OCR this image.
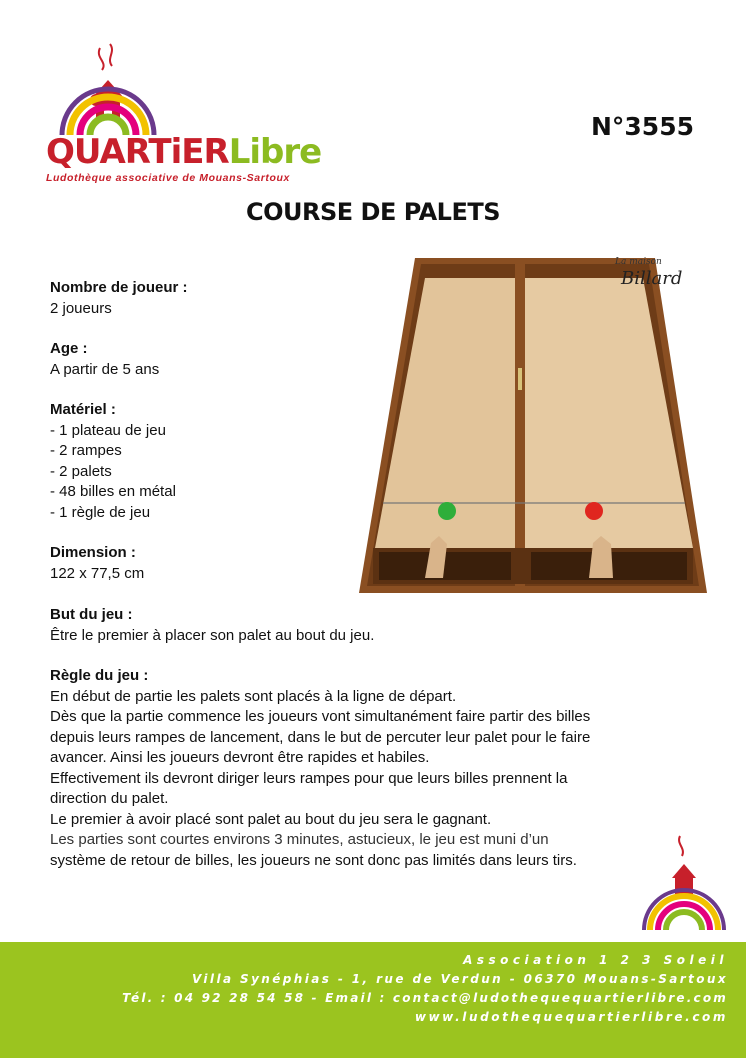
QUARTiERLibre
Ludothèque associative de Mouans-Sartoux
N°3555
COURSE DE PALETS
Nombre de joueur :
2 joueurs
Age :
A partir de 5 ans
Matériel :
- 1 plateau de jeu
- 2 rampes
- 2 palets
- 48 billes en métal
- 1 règle de jeu
Dimension :
122 x 77,5 cm
La maison
Billard
But du jeu :
Être le premier à placer son palet au bout du jeu.
Règle du jeu :
En début de partie les palets sont placés à la ligne de départ.
Dès que la partie commence les joueurs vont simultanément faire partir des billes
depuis leurs rampes de lancement, dans le but de percuter leur palet pour le faire
avancer. Ainsi les joueurs devront être rapides et habiles.
Effectivement ils devront diriger leurs rampes pour que leurs billes prennent la
direction du palet.
Le premier à avoir placé sont palet au bout du jeu sera le gagnant.
Les parties sont courtes environs 3 minutes, astucieux, le jeu est muni d’un
système de retour de billes, les joueurs ne sont donc pas limités dans leurs tirs.
Association 1 2 3 Soleil
Villa Synéphias - 1, rue de Verdun - 06370 Mouans-Sartoux
Tél. : 04 92 28 54 58 - Email : contact@ludothequequartierlibre.com
www.ludothequequartierlibre.com
